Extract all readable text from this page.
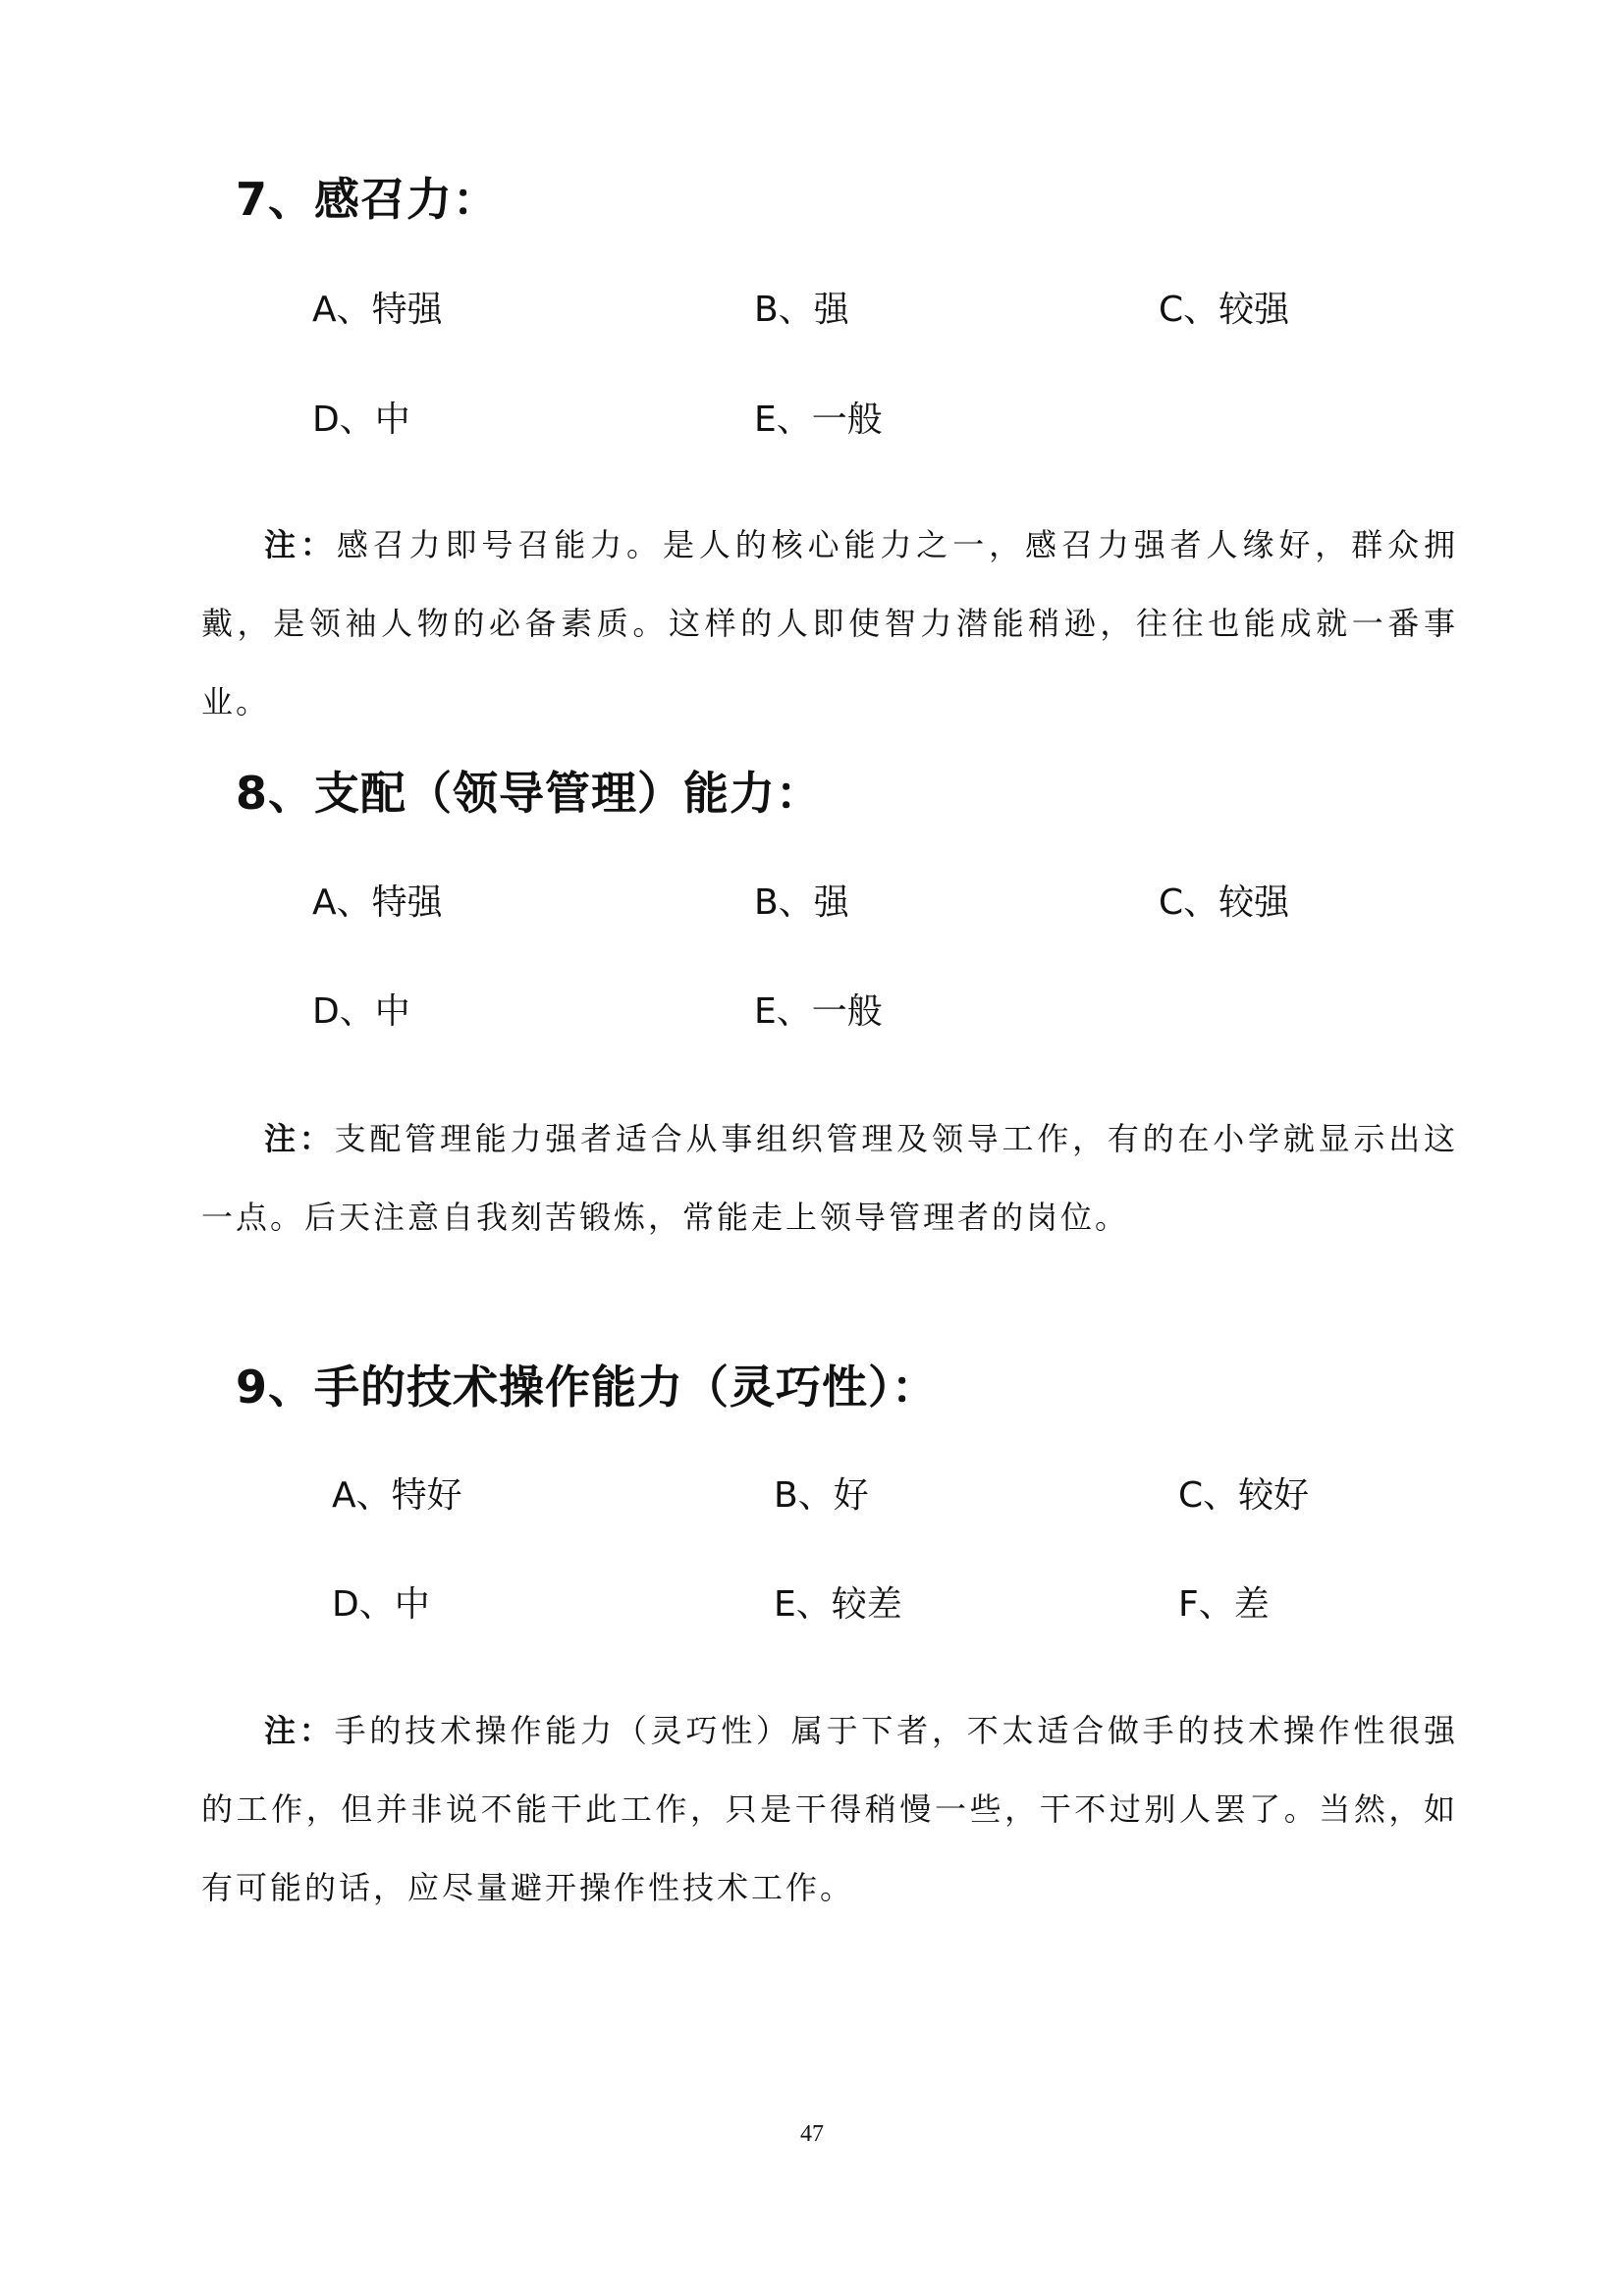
7、感召力：
A、特强	B、强	C、较强
D、中	E、一般
注：感召力即号召能力。是人的核心能力之一，感召力强者人缘好，群众拥戴，是领袖人物的必备素质。这样的人即使智力潜能稍逊，往往也能成就一番事业。
8、支配（领导管理）能力：
A、特强	B、强	C、较强
D、中	E、一般
注：支配管理能力强者适合从事组织管理及领导工作，有的在小学就显示出这一点。后天注意自我刻苦锻炼，常能走上领导管理者的岗位。
9、手的技术操作能力（灵巧性）：
A、特好	B、好	C、较好
D、中	E、较差	F、差
注：手的技术操作能力（灵巧性）属于下者，不太适合做手的技术操作性很强的工作，但并非说不能干此工作，只是干得稍慢一些，干不过别人罢了。当然，如有可能的话，应尽量避开操作性技术工作。
47
